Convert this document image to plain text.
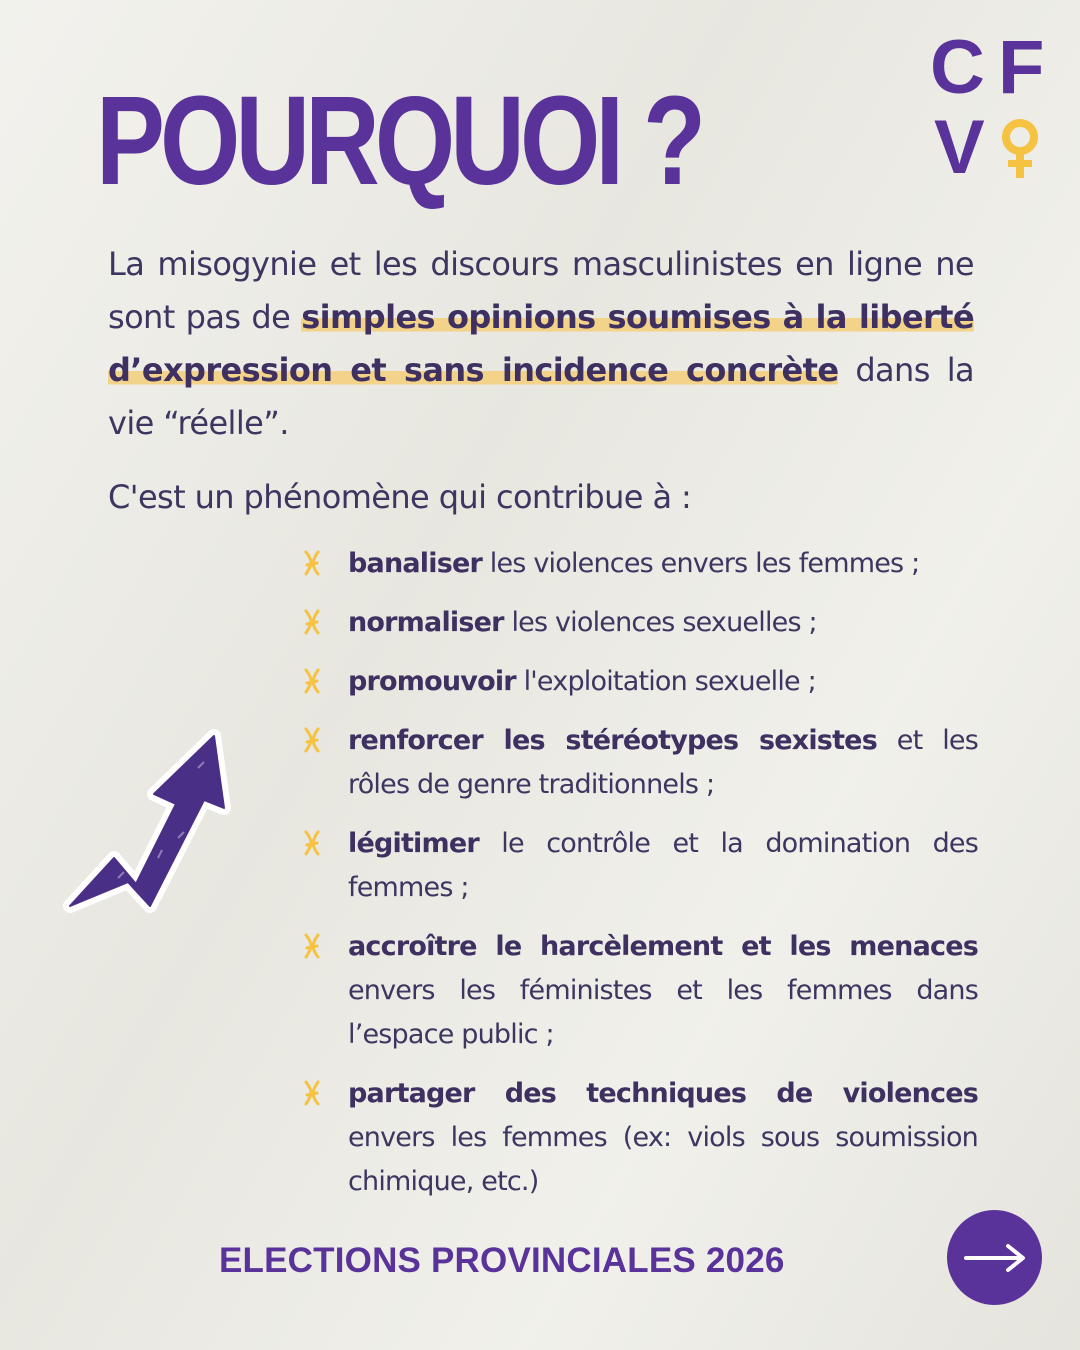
POURQUOI ?
C F
V
La misogynie et les discours masculinistes en ligne ne sont pas de simples opinions soumises à la liberté d’expression et sans incidence concrète dans la vie “réelle”.
C'est un phénomène qui contribue à :
banaliser les violences envers les femmes ;
normaliser les violences sexuelles ;
promouvoir l'exploitation sexuelle ;
renforcer les stéréotypes sexistes et les rôles de genre traditionnels ;
légitimer le contrôle et la domination des femmes ;
accroître le harcèlement et les menaces envers les féministes et les femmes dans l’espace public ;
partager des techniques de violences envers les femmes (ex: viols sous soumission chimique, etc.)
ELECTIONS PROVINCIALES 2026
